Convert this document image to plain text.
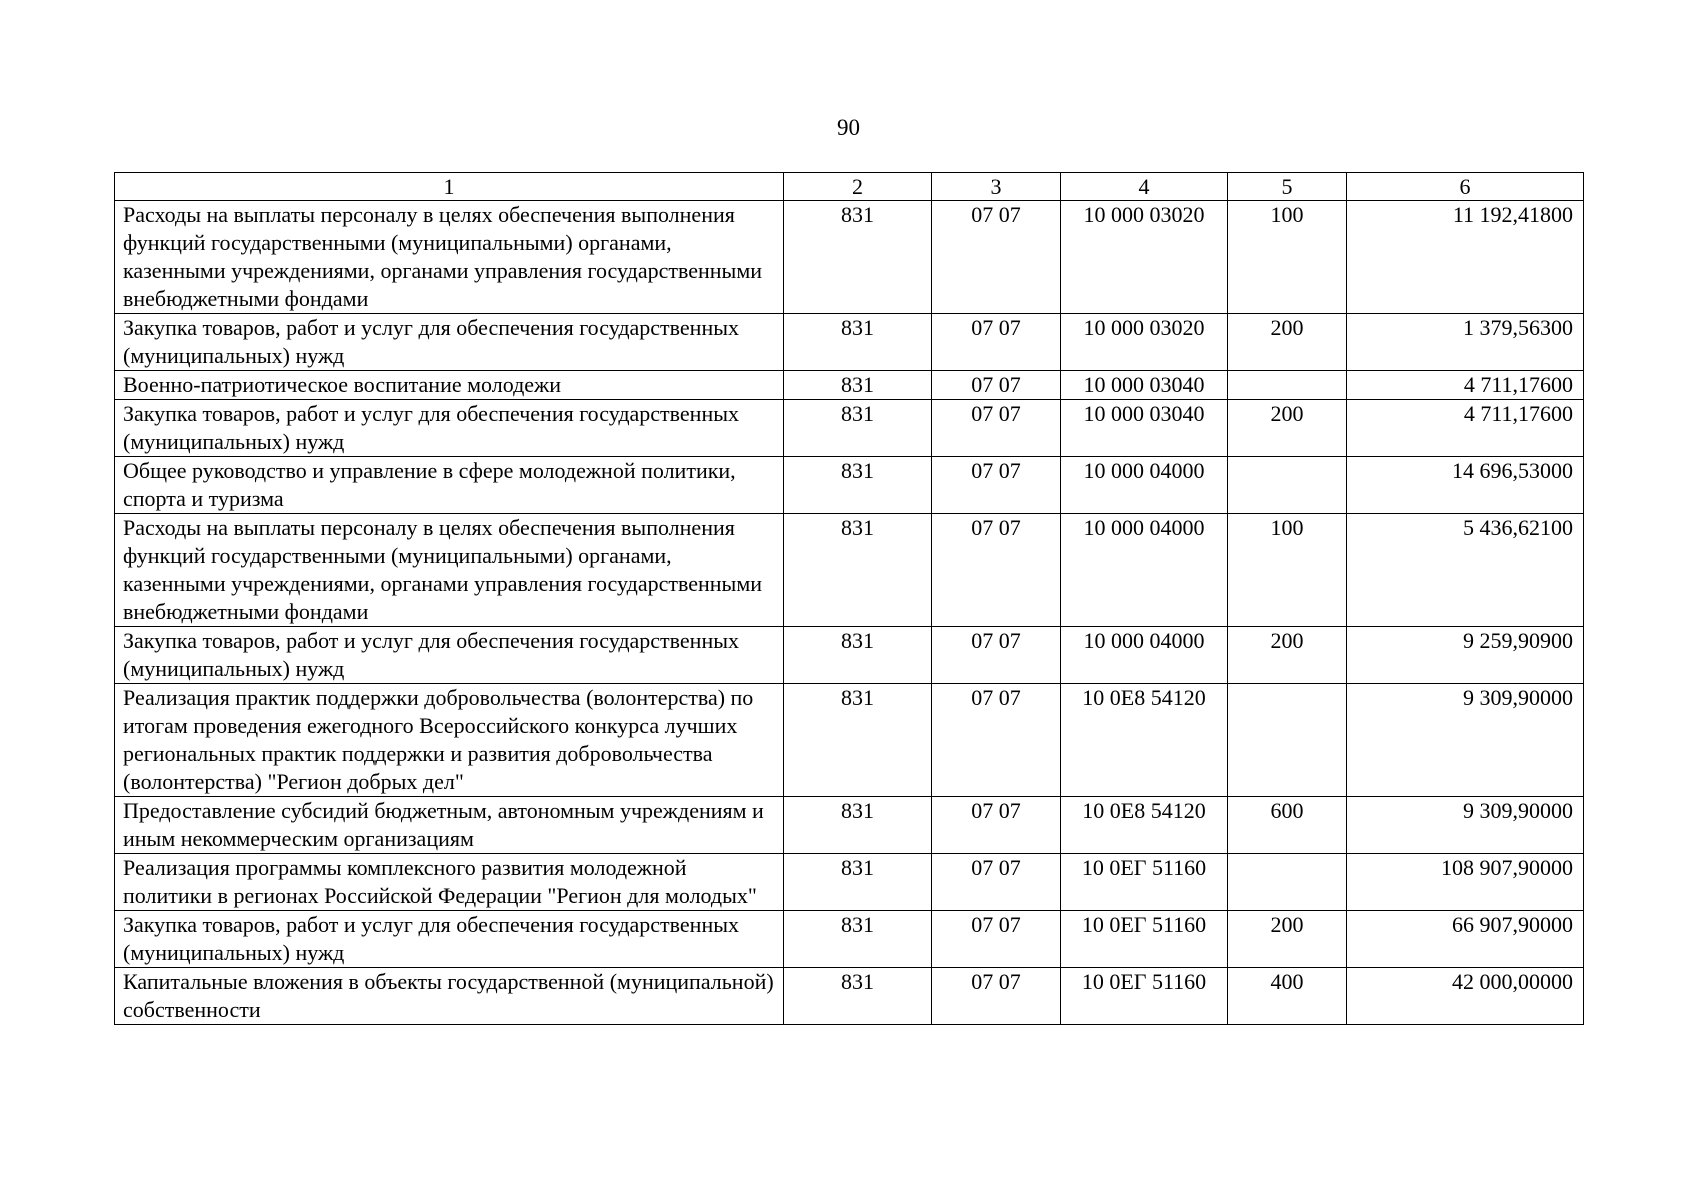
90
1	2	3	4	5	6
Расходы на выплаты персоналу в целях обеспечения выполнения функций государственными (муниципальными) органами, казенными учреждениями, органами управления государственными внебюджетными фондами	831	07 07	10 000 03020	100	11 192,41800
Закупка товаров, работ и услуг для обеспечения государственных (муниципальных) нужд	831	07 07	10 000 03020	200	1 379,56300
Военно-патриотическое воспитание молодежи	831	07 07	10 000 03040		4 711,17600
Закупка товаров, работ и услуг для обеспечения государственных (муниципальных) нужд	831	07 07	10 000 03040	200	4 711,17600
Общее руководство и управление в сфере молодежной политики, спорта и туризма	831	07 07	10 000 04000		14 696,53000
Расходы на выплаты персоналу в целях обеспечения выполнения функций государственными (муниципальными) органами, казенными учреждениями, органами управления государственными внебюджетными фондами	831	07 07	10 000 04000	100	5 436,62100
Закупка товаров, работ и услуг для обеспечения государственных (муниципальных) нужд	831	07 07	10 000 04000	200	9 259,90900
Реализация практик поддержки добровольчества (волонтерства) по итогам проведения ежегодного Всероссийского конкурса лучших региональных практик поддержки и развития добровольчества (волонтерства) "Регион добрых дел"	831	07 07	10 0Е8 54120		9 309,90000
Предоставление субсидий бюджетным, автономным учреждениям и иным некоммерческим организациям	831	07 07	10 0Е8 54120	600	9 309,90000
Реализация программы комплексного развития молодежной политики в регионах Российской Федерации "Регион для молодых"	831	07 07	10 0ЕГ 51160		108 907,90000
Закупка товаров, работ и услуг для обеспечения государственных (муниципальных) нужд	831	07 07	10 0ЕГ 51160	200	66 907,90000
Капитальные вложения в объекты государственной (муниципальной) собственности	831	07 07	10 0ЕГ 51160	400	42 000,00000
